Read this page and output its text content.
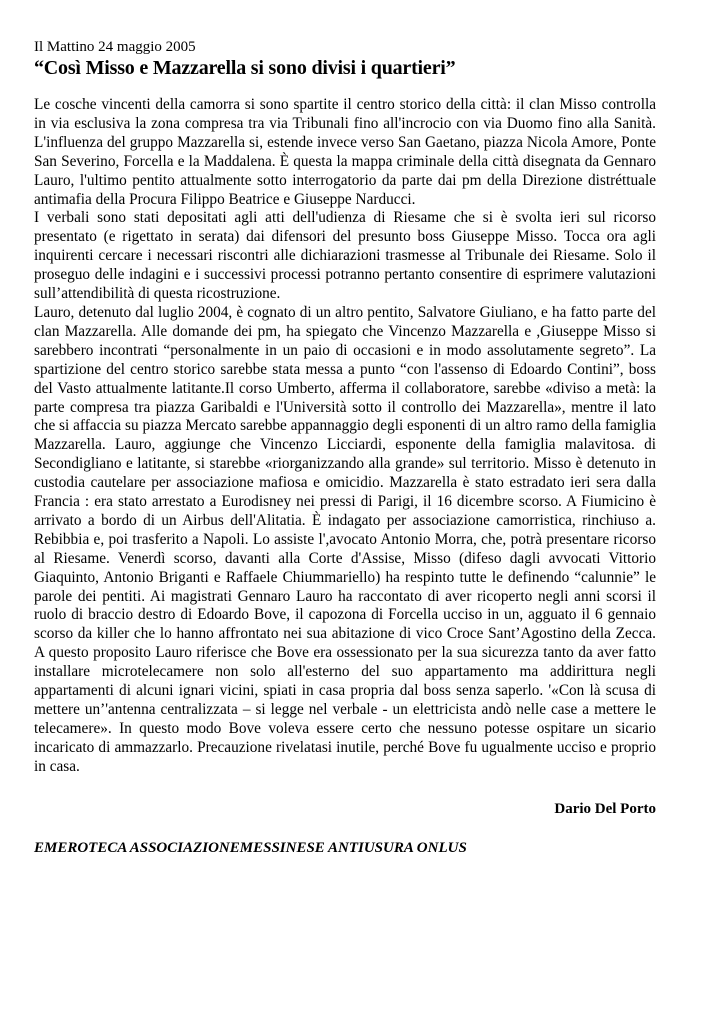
Il Mattino 24 maggio 2005
“Così Misso e Mazzarella si sono divisi i quartieri”

Le cosche vincenti della camorra si sono spartite il centro storico della città: il clan Misso controlla in via esclusiva la zona compresa tra via Tribunali fino all'incrocio con via Duomo fino alla Sanità. L'influenza del gruppo Mazzarella si, estende invece verso San Gaetano, piazza Nicola Amore, Ponte San Severino, Forcella e la Maddalena. È questa la mappa criminale della città disegnata da Gennaro Lauro, l'ultimo pentito attualmente sotto interrogatorio da parte dai pm della Direzione distréttuale antimafia della Procura Filippo Beatrice e Giuseppe Narducci.

I verbali sono stati depositati agli atti dell'udienza di Riesame che si è svolta ieri sul ricorso presentato (e rigettato in serata) dai difensori del presunto boss Giuseppe Misso. Tocca ora agli inquirenti cercare i necessari riscontri alle dichiarazioni trasmesse al Tribunale dei Riesame. Solo il proseguo delle indagini e i successivi processi potranno pertanto consentire di esprimere valutazioni sull’attendibilità di questa ricostruzione.

Lauro, detenuto dal luglio 2004, è cognato di un altro pentito, Salvatore Giuliano, e ha fatto parte del clan Mazzarella. Alle domande dei pm, ha spiegato che Vincenzo Mazzarella e ,Giuseppe Misso si sarebbero incontrati “personalmente in un paio di occasioni e in modo assolutamente segreto”. La spartizione del centro storico sarebbe stata messa a punto “con l'assenso di Edoardo Contini”, boss del Vasto attualmente latitante.Il corso Umberto, afferma il collaboratore, sarebbe «diviso a metà: la parte compresa tra piazza Garibaldi e l'Università sotto il controllo dei Mazzarella», mentre il lato che si affaccia su piazza Mercato sarebbe appannaggio degli esponenti di un altro ramo della famiglia Mazzarella. Lauro, aggiunge che Vincenzo Licciardi, esponente della famiglia malavitosa. di Secondigliano e latitante, si starebbe «riorganizzando alla grande» sul territorio. Misso è detenuto in custodia cautelare per associazione mafiosa e omicidio. Mazzarella è stato estradato ieri sera dalla Francia : era stato arrestato a Eurodisney nei pressi di Parigi, il 16 dicembre scorso. A Fiumicino è arrivato a bordo di un Airbus dell'Alitatia. È indagato per associazione camorristica, rinchiuso a. Rebibbia e, poi trasferito a Napoli. Lo assiste l',avocato Antonio Morra, che, potrà presentare ricorso al Riesame. Venerdì scorso, davanti alla Corte d'Assise, Misso (difeso dagli avvocati Vittorio Giaquinto, Antonio Briganti e Raffaele Chiummariello) ha respinto tutte le definendo “calunnie” le parole dei pentiti. Ai magistrati Gennaro Lauro ha raccontato di aver ricoperto negli anni scorsi il ruolo di braccio destro di Edoardo Bove, il capozona di Forcella ucciso in un, agguato il 6 gennaio scorso da killer che lo hanno affrontato nei sua abitazione di vico Croce Sant’Agostino della Zecca. A questo proposito Lauro riferisce che Bove era ossessionato per la sua sicurezza tanto da aver fatto installare microtelecamere non solo all'esterno del suo appartamento ma addirittura negli appartamenti di alcuni ignari vicini, spiati in casa propria dal boss senza saperlo. '«Con là scusa di mettere un’'antenna centralizzata – si legge nel verbale - un elettricista andò nelle case a mettere le telecamere». In questo modo Bove voleva essere certo che nessuno potesse ospitare un sicario incaricato di ammazzarlo. Precauzione rivelatasi inutile, perché Bove fu ugualmente ucciso e proprio in casa.

Dario Del Porto
EMEROTECA ASSOCIAZIONEMESSINESE ANTIUSURA ONLUS
